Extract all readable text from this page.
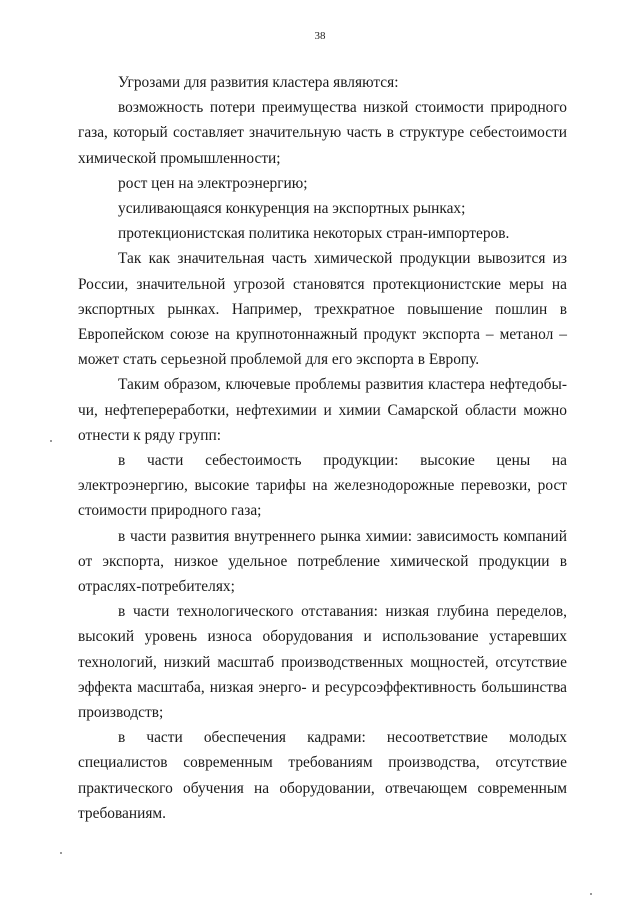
38

Угрозами для развития кластера являются:

возможность потери преимущества низкой стоимости природного газа, который составляет значительную часть в структуре себестоимости химической промышленности;

рост цен на электроэнергию;

усиливающаяся конкуренция на экспортных рынках;

протекционистская политика некоторых стран-импортеров.

Так как значительная часть химической продукции вывозится из России, значительной угрозой становятся протекционистские меры на экспортных рынках. Например, трехкратное повышение пошлин в Европейском союзе на крупнотоннажный продукт экспорта – метанол – может стать серьезной проблемой для его экспорта в Европу.

Таким образом, ключевые проблемы развития кластера нефтедобычи, нефтепереработки, нефтехимии и химии Самарской области можно отнести к ряду групп:

в части себестоимость продукции: высокие цены на электроэнергию, высокие тарифы на железнодорожные перевозки, рост стоимости природного газа;

в части развития внутреннего рынка химии: зависимость компаний от экспорта, низкое удельное потребление химической продукции в отраслях-потребителях;

в части технологического отставания: низкая глубина переделов, высокий уровень износа оборудования и использование устаревших технологий, низкий масштаб производственных мощностей, отсутствие эффекта масштаба, низкая энерго- и ресурсоэффективность большинства производств;

в части обеспечения кадрами: несоответствие молодых специалистов современным требованиям производства, отсутствие практического обучения на оборудовании, отвечающем современным требованиям.
